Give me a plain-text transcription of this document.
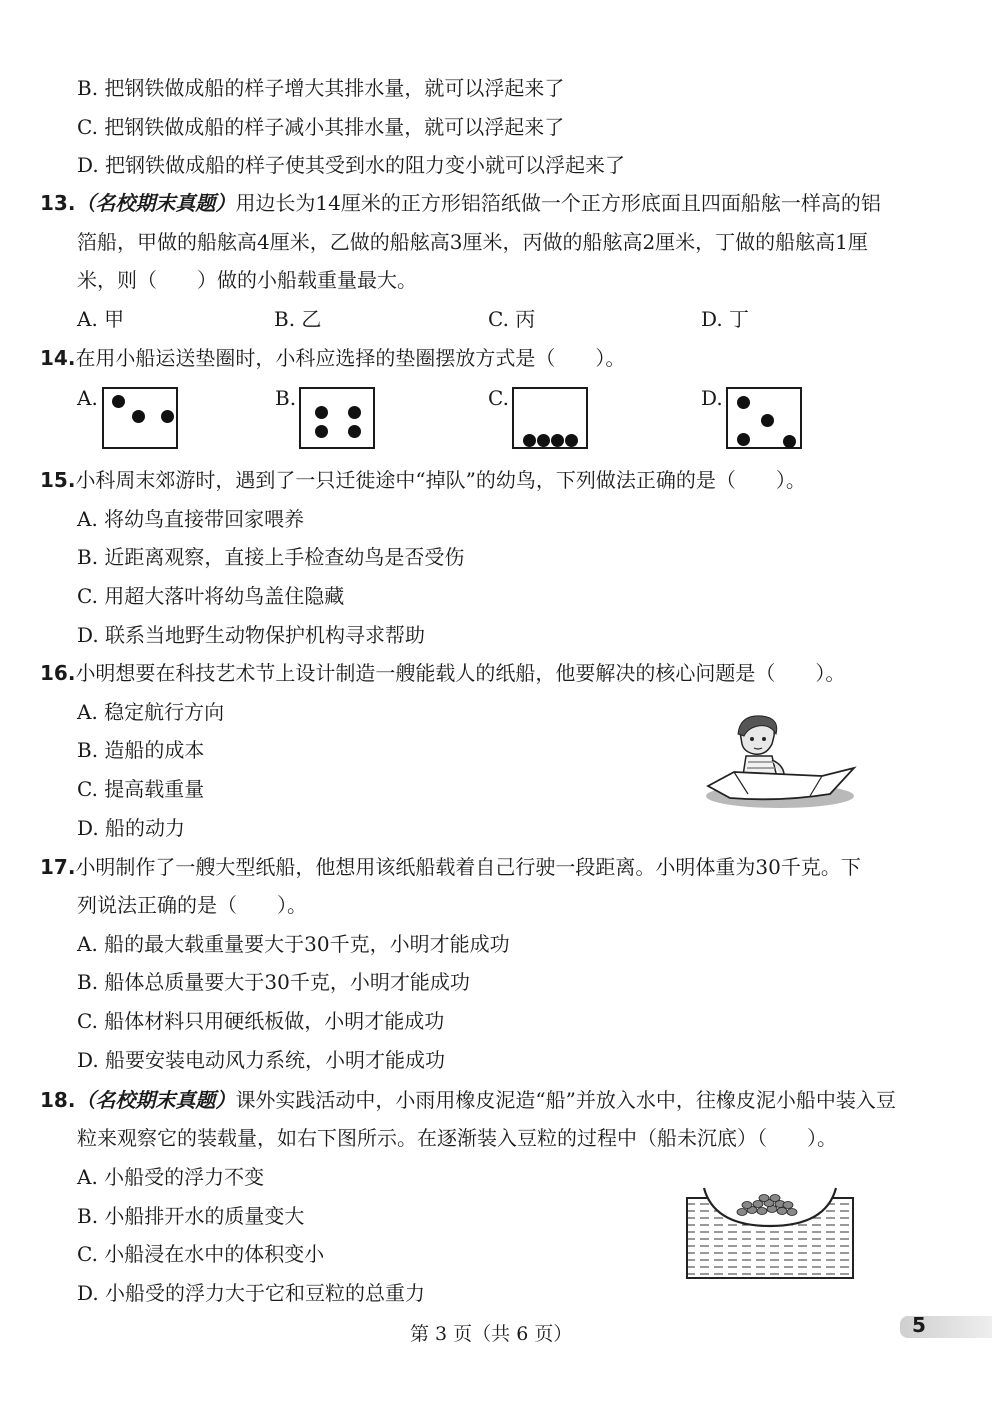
B. 把钢铁做成船的样子增大其排水量，就可以浮起来了
C. 把钢铁做成船的样子减小其排水量，就可以浮起来了
D. 把钢铁做成船的样子使其受到水的阻力变小就可以浮起来了
13.（名校期末真题）用边长为14厘米的正方形铝箔纸做一个正方形底面且四面船舷一样高的铝
箔船，甲做的船舷高4厘米，乙做的船舷高3厘米，丙做的船舷高2厘米，丁做的船舷高1厘
米，则（　　）做的小船载重量最大。
A. 甲	B. 乙	C. 丙	D. 丁
14.在用小船运送垫圈时，小科应选择的垫圈摆放方式是（　　）。
A.	B.	C.	D.
15.小科周末郊游时，遇到了一只迁徙途中“掉队”的幼鸟，下列做法正确的是（　　）。
A. 将幼鸟直接带回家喂养
B. 近距离观察，直接上手检查幼鸟是否受伤
C. 用超大落叶将幼鸟盖住隐藏
D. 联系当地野生动物保护机构寻求帮助
16.小明想要在科技艺术节上设计制造一艘能载人的纸船，他要解决的核心问题是（　　）。
A. 稳定航行方向
B. 造船的成本
C. 提高载重量
D. 船的动力
17.小明制作了一艘大型纸船，他想用该纸船载着自己行驶一段距离。小明体重为30千克。下
列说法正确的是（　　）。
A. 船的最大载重量要大于30千克，小明才能成功
B. 船体总质量要大于30千克，小明才能成功
C. 船体材料只用硬纸板做，小明才能成功
D. 船要安装电动风力系统，小明才能成功
18.（名校期末真题）课外实践活动中，小雨用橡皮泥造“船”并放入水中，往橡皮泥小船中装入豆
粒来观察它的装载量，如右下图所示。在逐渐装入豆粒的过程中（船未沉底）（　　）。
A. 小船受的浮力不变
B. 小船排开水的质量变大
C. 小船浸在水中的体积变小
D. 小船受的浮力大于它和豆粒的总重力
第 3 页（共 6 页）	5
